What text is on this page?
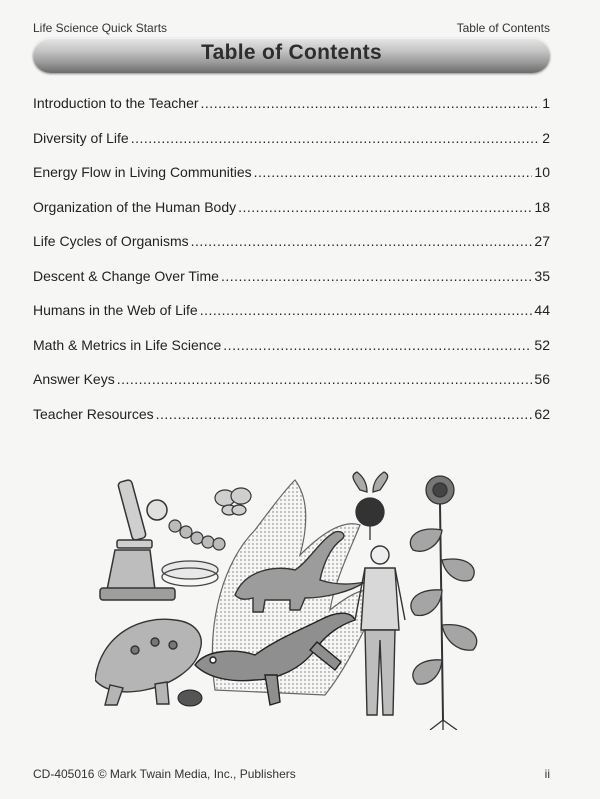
Life Science Quick Starts	Table of Contents
Table of Contents
Introduction to the Teacher .....	1
Diversity of Life .....	2
Energy Flow in Living Communities .....	10
Organization of the Human Body .....	18
Life Cycles of Organisms .....	27
Descent & Change Over Time .....	35
Humans in the Web of Life .....	44
Math & Metrics in Life Science .....	52
Answer Keys .....	56
Teacher Resources .....	62
CD-405016 © Mark Twain Media, Inc., Publishers	ii
